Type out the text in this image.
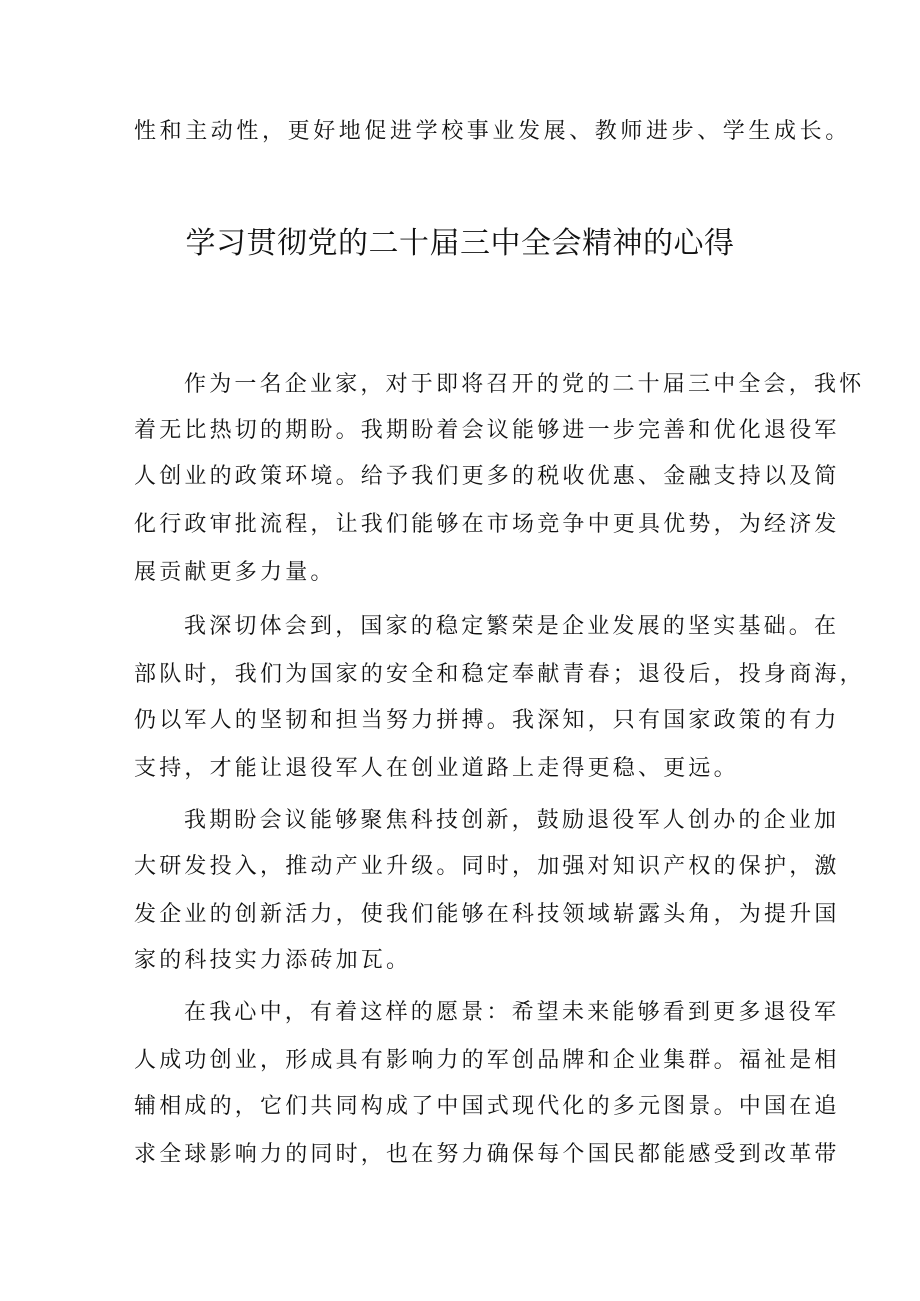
性和主动性，更好地促进学校事业发展、教师进步、学生成长。
学习贯彻党的二十届三中全会精神的心得
作为一名企业家，对于即将召开的党的二十届三中全会，我怀
着无比热切的期盼。我期盼着会议能够进一步完善和优化退役军
人创业的政策环境。给予我们更多的税收优惠、金融支持以及简
化行政审批流程，让我们能够在市场竞争中更具优势，为经济发
展贡献更多力量。
我深切体会到，国家的稳定繁荣是企业发展的坚实基础。在
部队时，我们为国家的安全和稳定奉献青春；退役后，投身商海，
仍以军人的坚韧和担当努力拼搏。我深知，只有国家政策的有力
支持，才能让退役军人在创业道路上走得更稳、更远。
我期盼会议能够聚焦科技创新，鼓励退役军人创办的企业加
大研发投入，推动产业升级。同时，加强对知识产权的保护，激
发企业的创新活力，使我们能够在科技领域崭露头角，为提升国
家的科技实力添砖加瓦。
在我心中，有着这样的愿景：希望未来能够看到更多退役军
人成功创业，形成具有影响力的军创品牌和企业集群。福祉是相
辅相成的，它们共同构成了中国式现代化的多元图景。中国在追
求全球影响力的同时，也在努力确保每个国民都能感受到改革带
